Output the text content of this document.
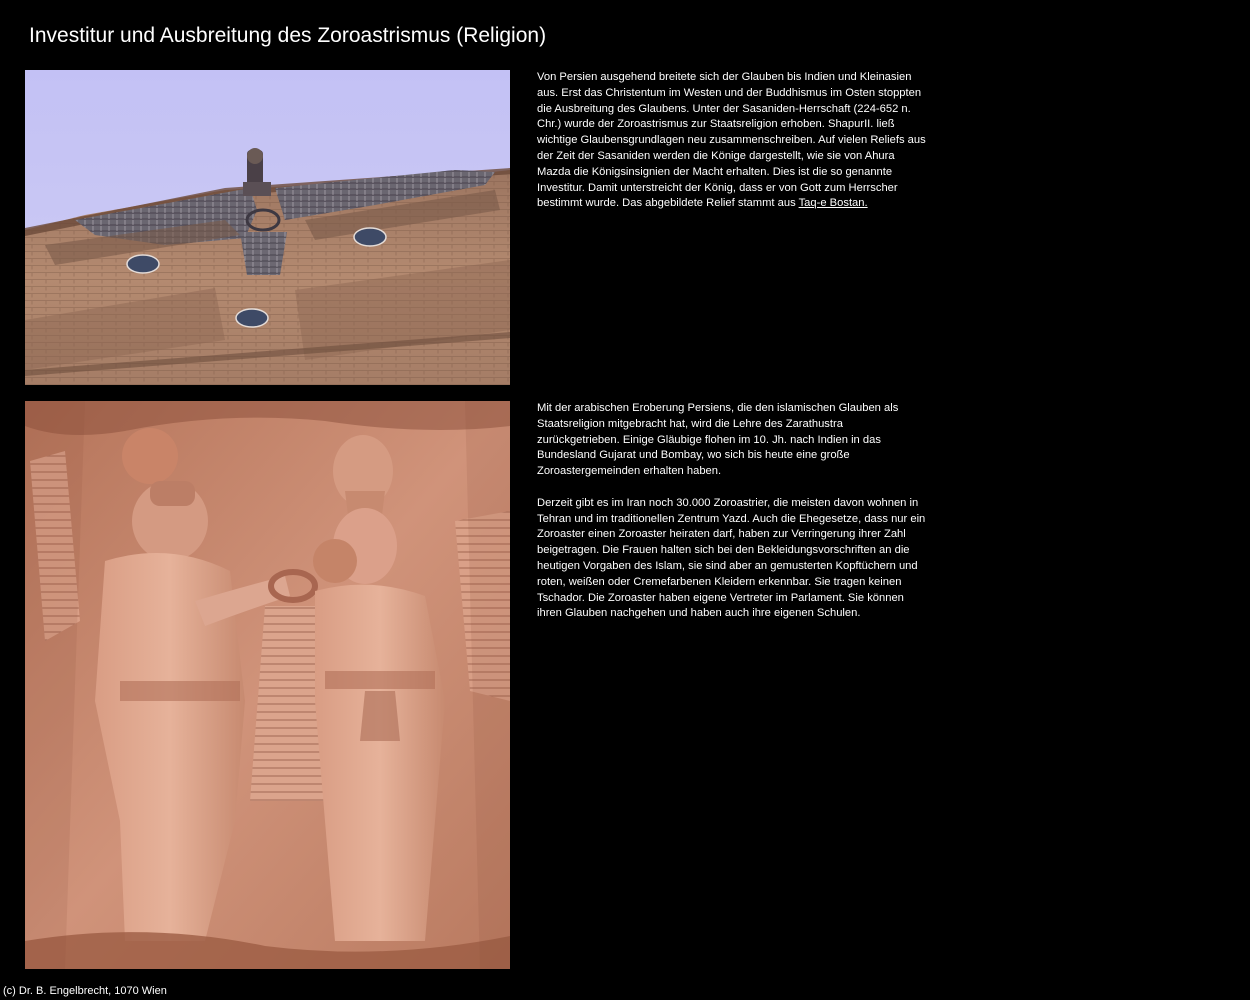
Investitur und Ausbreitung des Zoroastrismus (Religion)

Von Persien ausgehend breitete sich der Glauben bis Indien und Kleinasien aus. Erst das Christentum im Westen und der Buddhismus im Osten stoppten die Ausbreitung des Glaubens. Unter der Sasaniden-Herrschaft (224-652 n. Chr.) wurde der Zoroastrismus zur Staatsreligion erhoben. ShapurII. ließ wichtige Glaubensgrundlagen neu zusammenschreiben. Auf vielen Reliefs aus der Zeit der Sasaniden werden die Könige dargestellt, wie sie von Ahura Mazda die Königsinsignien der Macht erhalten. Dies ist die so genannte Investitur. Damit unterstreicht der König, dass er von Gott zum Herrscher bestimmt wurde. Das abgebildete Relief stammt aus Taq-e Bostan.

Mit der arabischen Eroberung Persiens, die den islamischen Glauben als Staatsreligion mitgebracht hat, wird die Lehre des Zarathustra zurückgetrieben. Einige Gläubige flohen im 10. Jh. nach Indien in das Bundesland Gujarat und Bombay, wo sich bis heute eine große Zoroastergemeinden erhalten haben.

Derzeit gibt es im Iran noch 30.000 Zoroastrier, die meisten davon wohnen in Tehran und im traditionellen Zentrum Yazd. Auch die Ehegesetze, dass nur ein Zoroaster einen Zoroaster heiraten darf, haben zur Verringerung ihrer Zahl beigetragen. Die Frauen halten sich bei den Bekleidungsvorschriften an die heutigen Vorgaben des Islam, sie sind aber an gemusterten Kopftüchern und roten, weißen oder Cremefarbenen Kleidern erkennbar. Sie tragen keinen Tschador. Die Zoroaster haben eigene Vertreter im Parlament. Sie können ihren Glauben nachgehen und haben auch ihre eigenen Schulen.

(c) Dr. B. Engelbrecht, 1070 Wien
